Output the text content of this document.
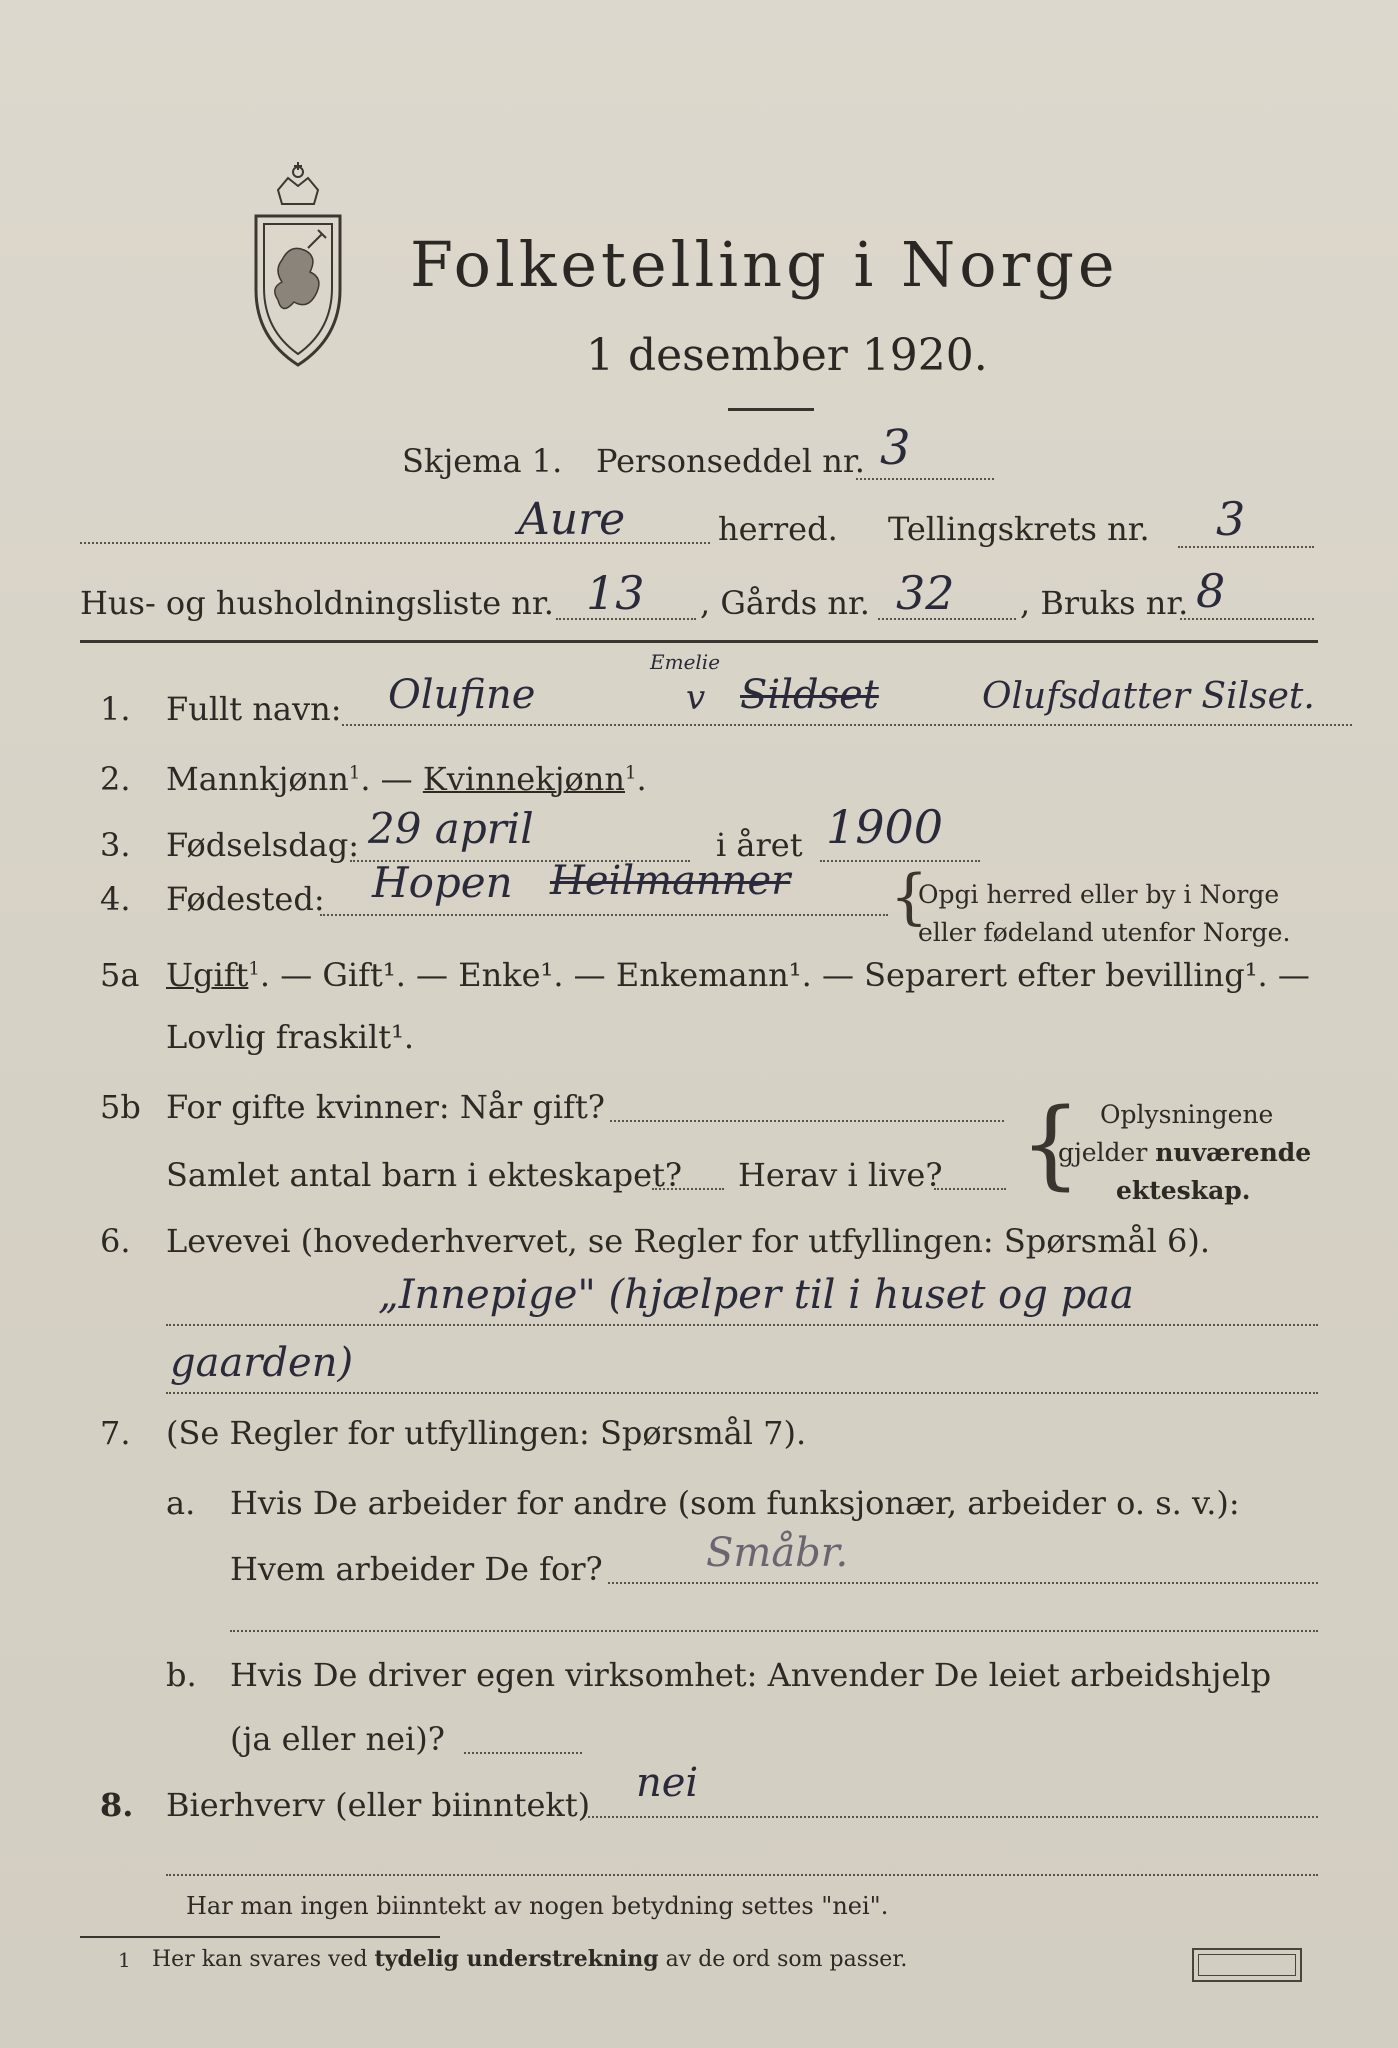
Folketelling i Norge
1 desember 1920.
Skjema 1. Personseddel nr. 3
Aure	herred. Tellingskrets nr. 3
Hus- og husholdningsliste nr. 13 , Gårds nr. 32 , Bruks nr. 8
1. Fullt navn: Olufine
Emelie
v Sildset	Olufsdatter Silset.
2. Mannkjønn$^1$. — Kvinnekjønn$^1$.
3. Fødselsdag: 29 april	i året 1900
4. Fødested: Hopen Heilmanner {
Opgi herred eller by i Norge
eller fødeland utenfor Norge.
5a Ugift$^1$. — Gift¹. — Enke¹. — Enkemann¹. — Separert efter bevilling¹. —
Lovlig fraskilt¹.
5b For gifte kvinner: Når gift?
Samlet antal barn i ekteskapet? Herav i live? { Oplysningene
gjelder nuværende
ekteskap.
6. Levevei (hovederhvervet, se Regler for utfyllingen: Spørsmål 6).
„Innepige" (hjælper til i huset og paa
gaarden)
7. (Se Regler for utfyllingen: Spørsmål 7).
a. Hvis De arbeider for andre (som funksjonær, arbeider o. s. v.):
Hvem arbeider De for?	Småbr.
b. Hvis De driver egen virksomhet: Anvender De leiet arbeidshjelp
(ja eller nei)?
8. Bierhverv (eller biinntekt) nei
Har man ingen biinntekt av nogen betydning settes "nei".
1 Her kan svares ved tydelig understrekning av de ord som passer.
